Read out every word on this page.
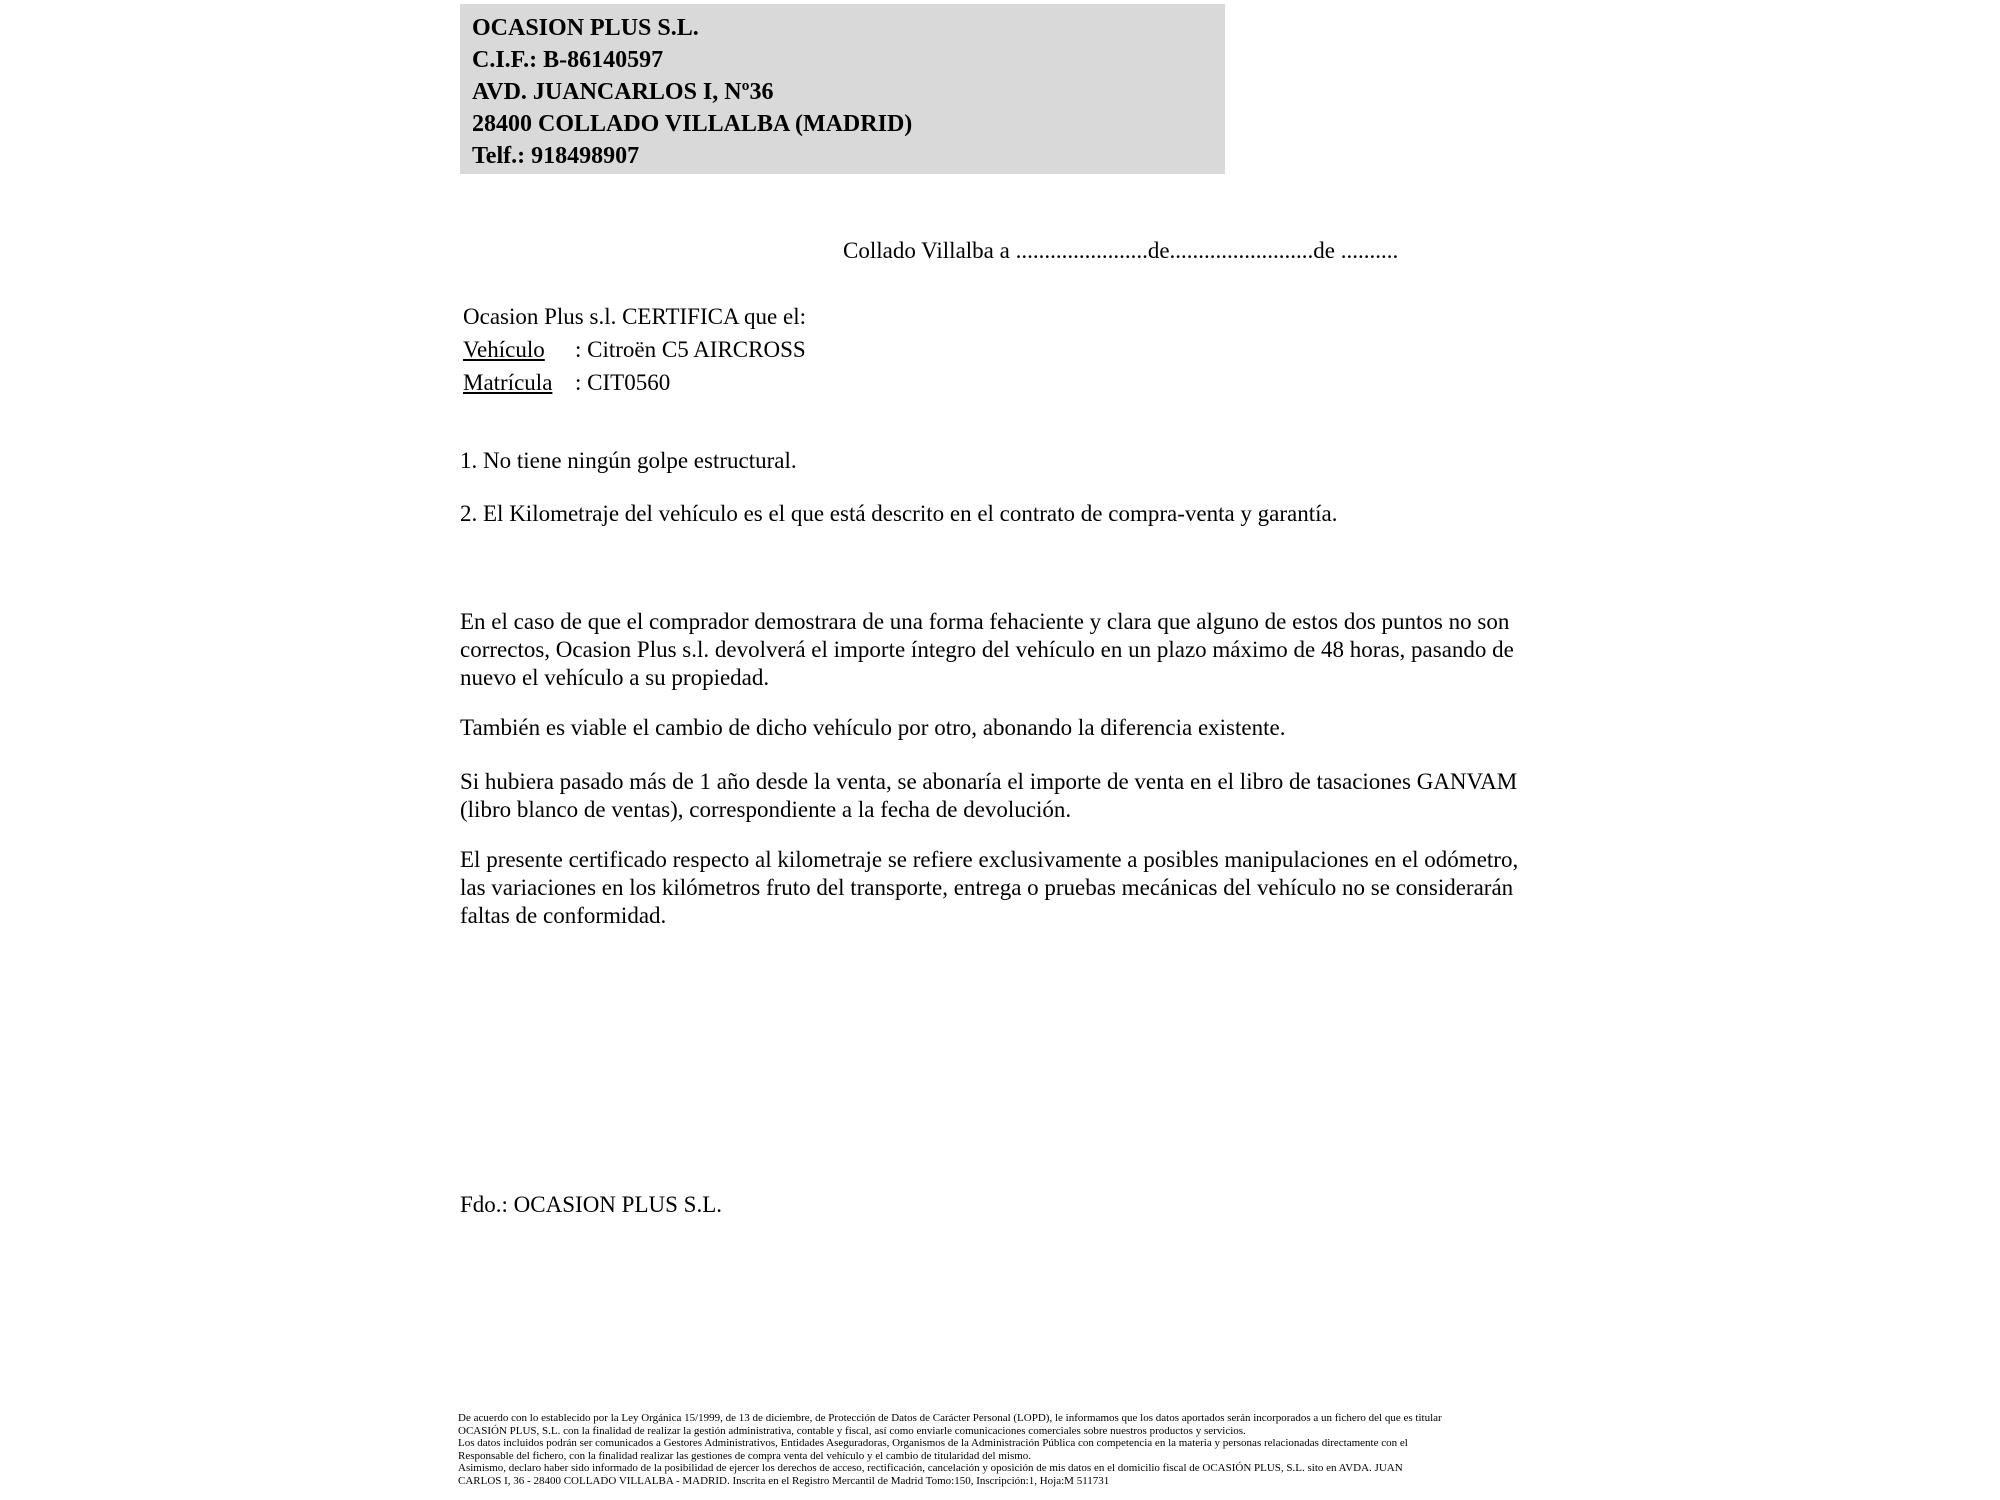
OCASION PLUS S.L.
C.I.F.: B-86140597
AVD. JUANCARLOS I, Nº36
28400 COLLADO VILLALBA (MADRID)
Telf.: 918498907
Collado Villalba a .......................de.........................de ..........
Ocasion Plus s.l. CERTIFICA que el:
Vehículo : Citroën C5 AIRCROSS
Matrícula : CIT0560
1. No tiene ningún golpe estructural.
2. El Kilometraje del vehículo es el que está descrito en el contrato de compra-venta y garantía.
En el caso de que el comprador demostrara de una forma fehaciente y clara que alguno de estos dos puntos no son correctos, Ocasion Plus s.l. devolverá el importe íntegro del vehículo en un plazo máximo de 48 horas, pasando de nuevo el vehículo a su propiedad.
También es viable el cambio de dicho vehículo por otro, abonando la diferencia existente.
Si hubiera pasado más de 1 año desde la venta, se abonaría el importe de venta en el libro de tasaciones GANVAM (libro blanco de ventas), correspondiente a la fecha de devolución.
El presente certificado respecto al kilometraje se refiere exclusivamente a posibles manipulaciones en el odómetro, las variaciones en los kilómetros fruto del transporte, entrega o pruebas mecánicas del vehículo no se considerarán faltas de conformidad.
Fdo.: OCASION PLUS S.L.
De acuerdo con lo establecido por la Ley Orgánica 15/1999, de 13 de diciembre, de Protección de Datos de Carácter Personal (LOPD), le informamos que los datos aportados serán incorporados a un fichero del que es titular
OCASIÓN PLUS, S.L. con la finalidad de realizar la gestión administrativa, contable y fiscal, así como enviarle comunicaciones comerciales sobre nuestros productos y servicios.
Los datos incluidos podrán ser comunicados a Gestores Administrativos, Entidades Aseguradoras, Organismos de la Administración Pública con competencia en la materia y personas relacionadas directamente con el
Responsable del fichero, con la finalidad realizar las gestiones de compra venta del vehículo y el cambio de titularidad del mismo.
Asimismo, declaro haber sido informado de la posibilidad de ejercer los derechos de acceso, rectificación, cancelación y oposición de mis datos en el domicilio fiscal de OCASIÓN PLUS, S.L. sito en AVDA. JUAN
CARLOS I, 36 - 28400 COLLADO VILLALBA - MADRID. Inscrita en el Registro Mercantil de Madrid Tomo:150, Inscripción:1, Hoja:M 511731
